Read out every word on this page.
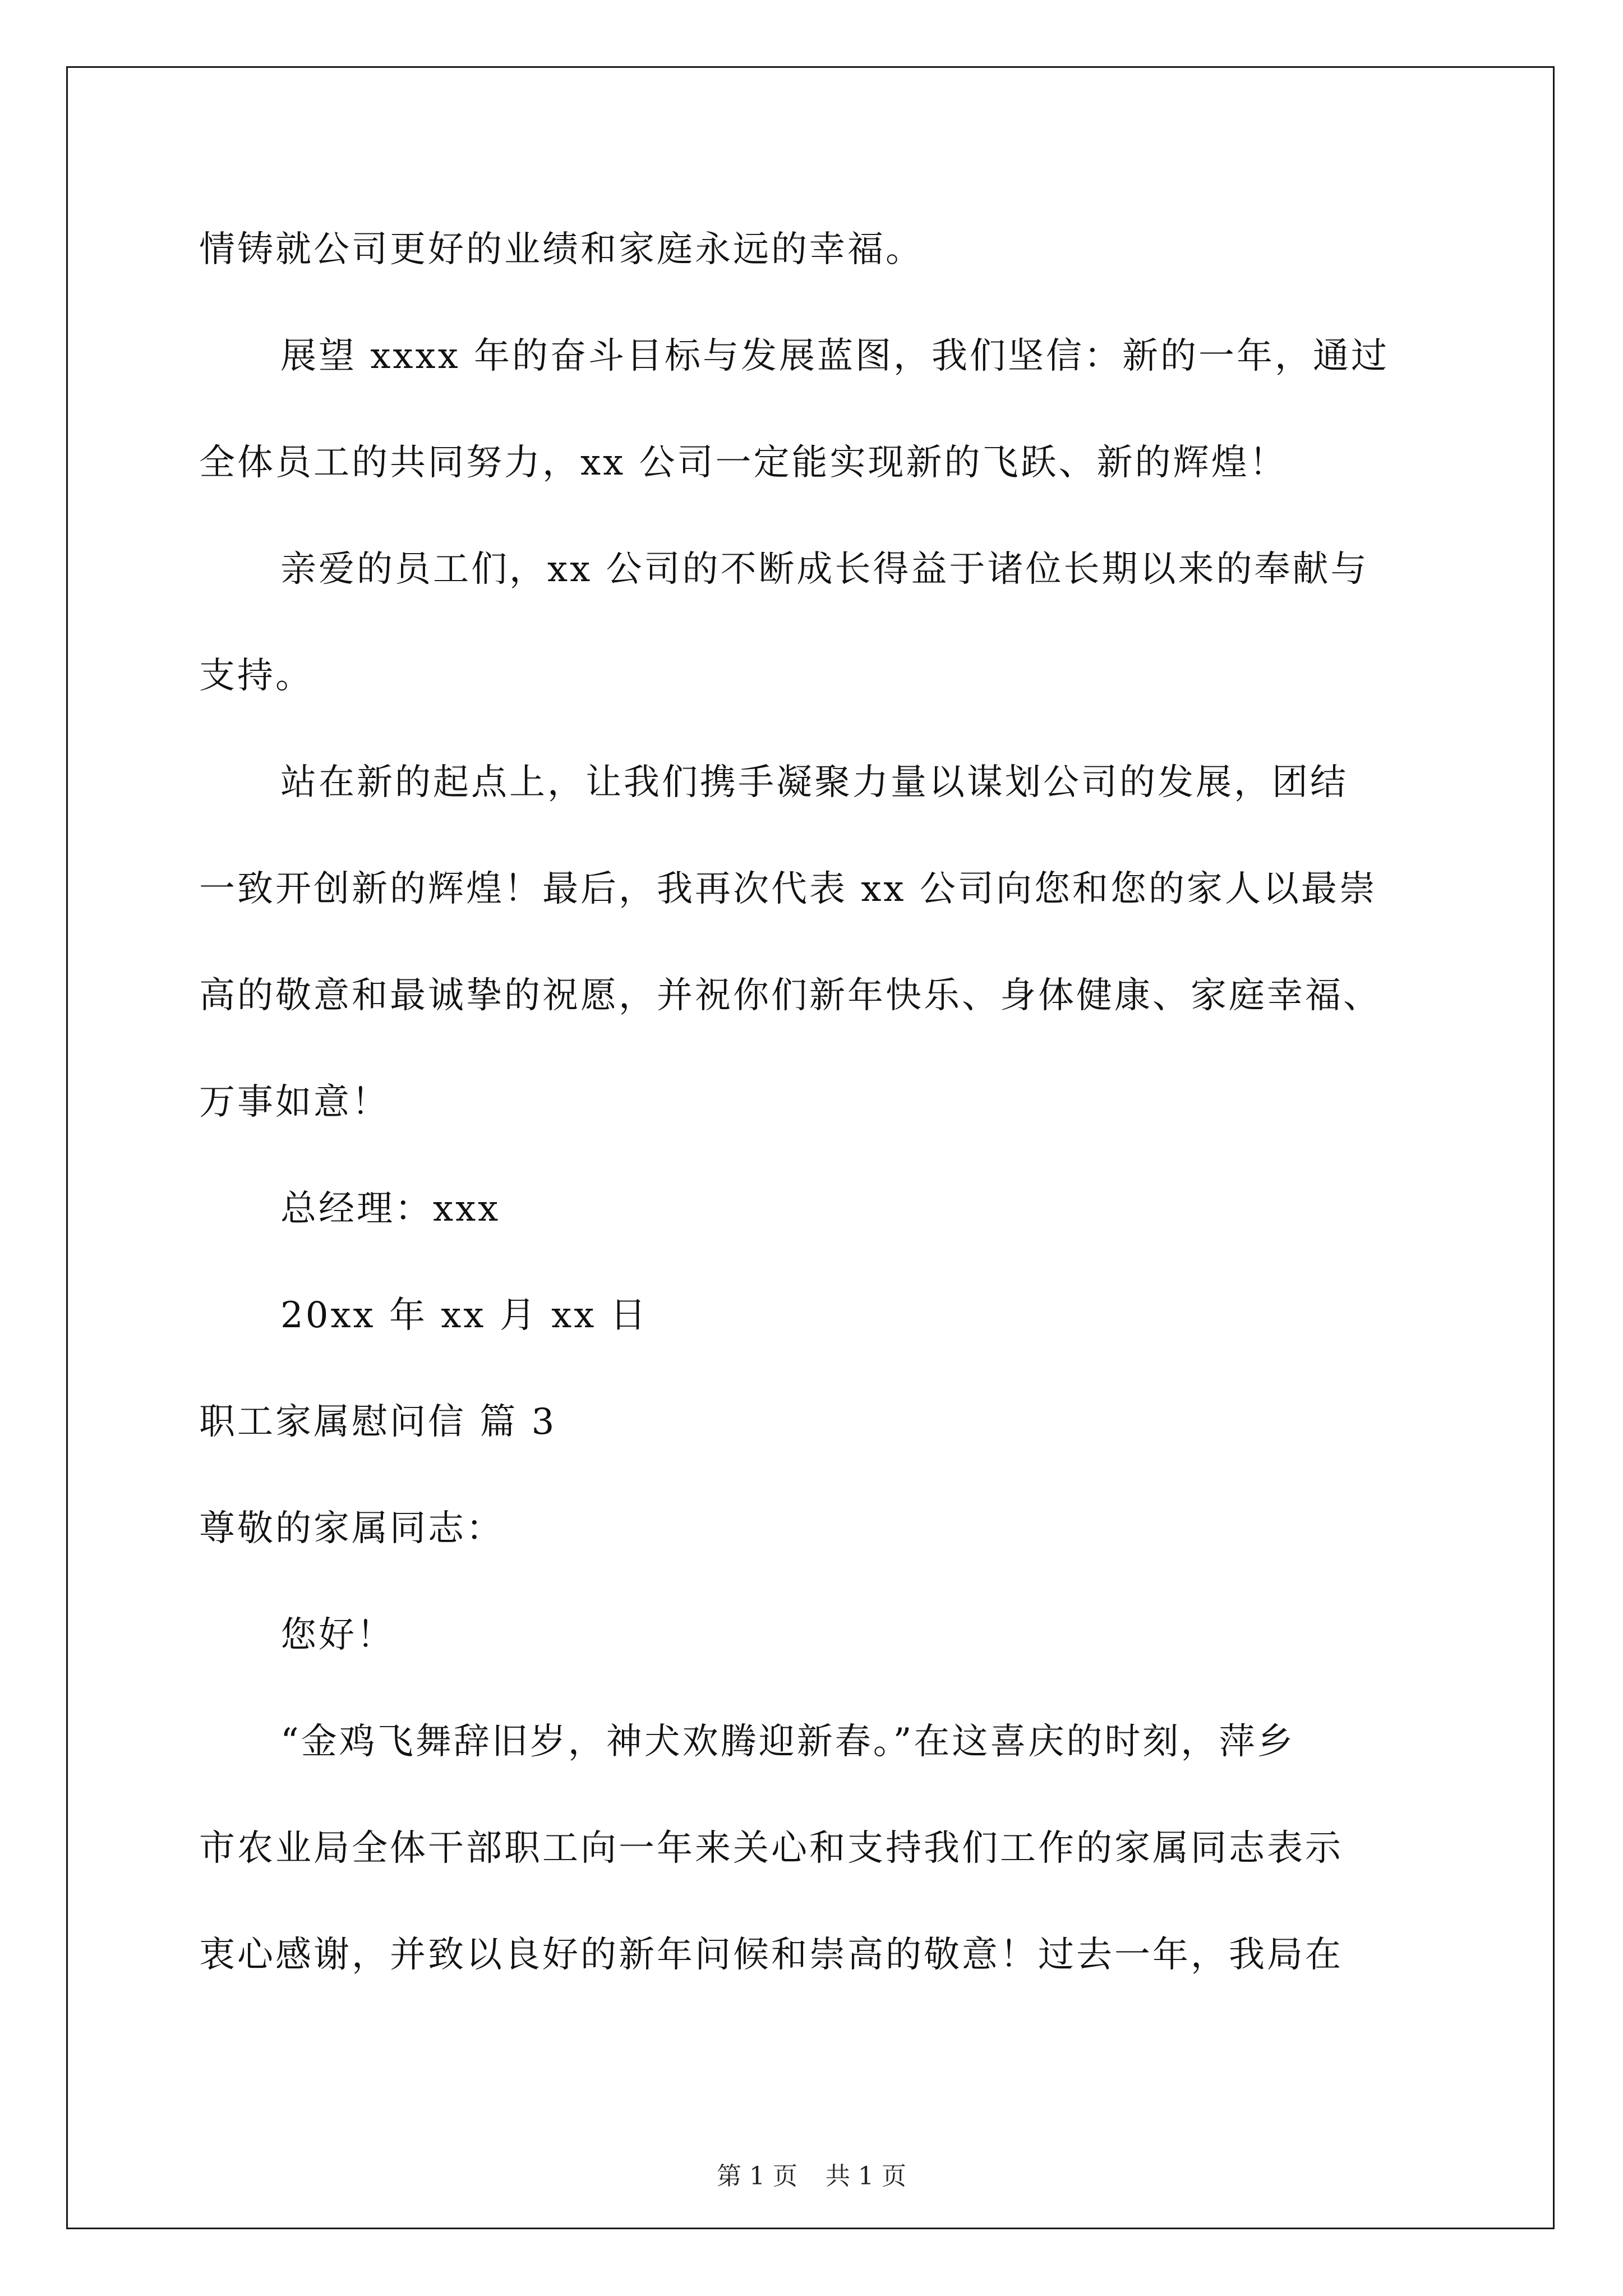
情铸就公司更好的业绩和家庭永远的幸福。
展望 xxxx 年的奋斗目标与发展蓝图，我们坚信：新的一年，通过
全体员工的共同努力，xx 公司一定能实现新的飞跃、新的辉煌！
亲爱的员工们，xx 公司的不断成长得益于诸位长期以来的奉献与
支持。
站在新的起点上，让我们携手凝聚力量以谋划公司的发展，团结
一致开创新的辉煌！最后，我再次代表 xx 公司向您和您的家人以最崇
高的敬意和最诚挚的祝愿，并祝你们新年快乐、身体健康、家庭幸福、
万事如意！
总经理：xxx
20xx 年 xx 月 xx 日
职工家属慰问信 篇 3
尊敬的家属同志：
您好！
“金鸡飞舞辞旧岁，神犬欢腾迎新春。”在这喜庆的时刻，萍乡
市农业局全体干部职工向一年来关心和支持我们工作的家属同志表示
衷心感谢，并致以良好的新年问候和崇高的敬意！过去一年，我局在
第 1 页 共 1 页
